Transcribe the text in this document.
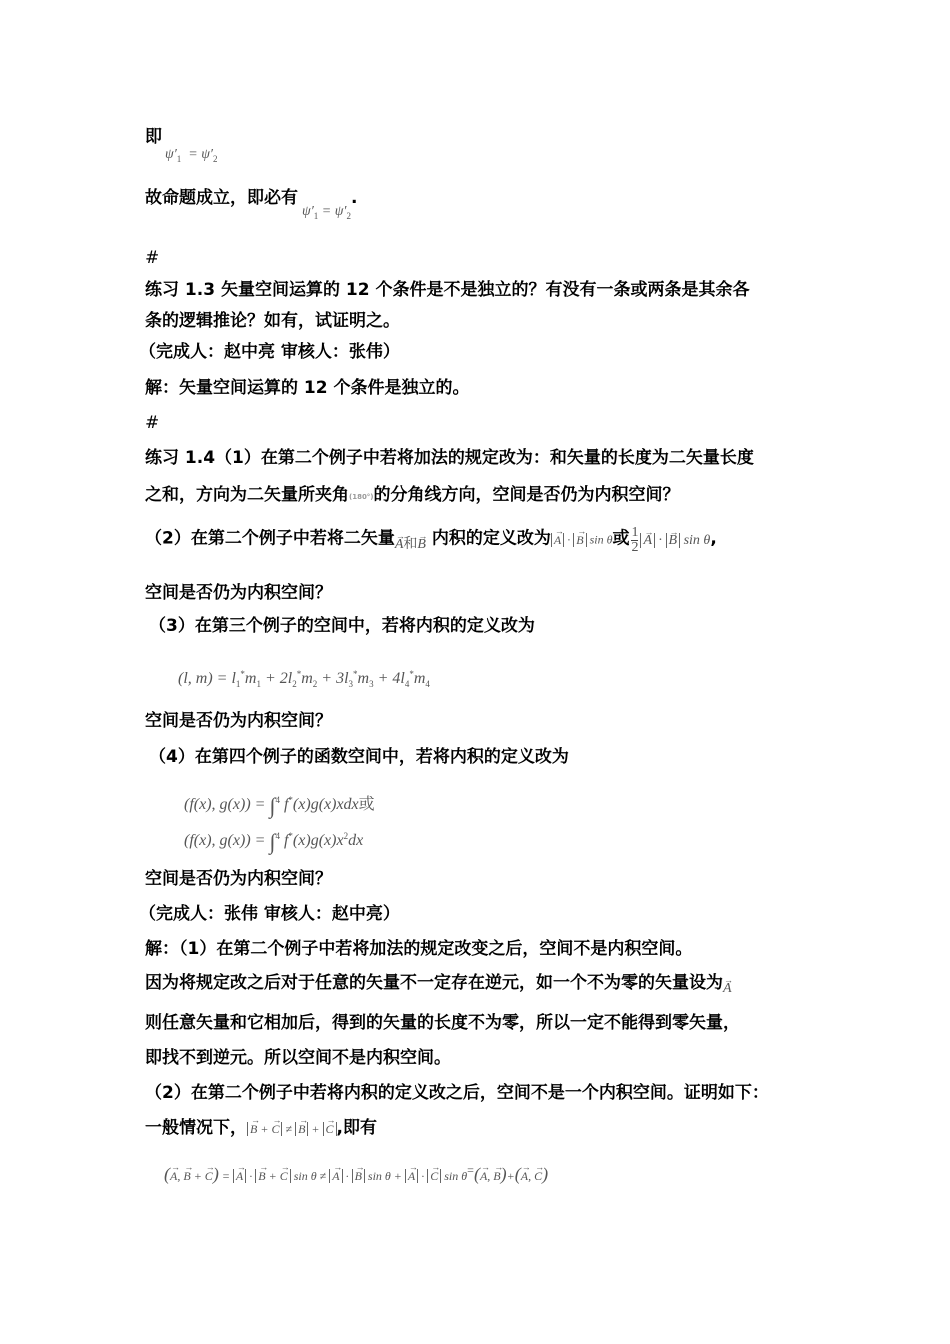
即
$\psi'_1 = \psi'_2$
故命题成立，即必有$_{\psi'_1 = \psi'_2}$.
#
练习 1.3 矢量空间运算的 12 个条件是不是独立的？有没有一条或两条是其余各
条的逻辑推论？如有，试证明之。
（完成人：赵中亮 审核人：张伟）
解：矢量空间运算的 12 个条件是独立的。
#
练习 1.4（1）在第二个例子中若将加法的规定改为：和矢量的长度为二矢量长度
之和，方向为二矢量所夹角(180°)的分角线方向，空间是否仍为内积空间？
（2）在第二个例子中若将二矢量→ $_{A和\to B}$ 内积的定义改为→ A · → B sin θ或 $\frac{1}{2}$
→ A · → B sin θ,
空间是否仍为内积空间？
（3）在第三个例子的空间中，若将内积的定义改为
(l, $m) = l_1^*m_1 + 2l_2^*m_2 + 3l_3^*m_3 + 4l_4^*m_4$
空间是否仍为内积空间？
（4）在第四个例子的函数空间中，若将内积的定义改为
(f(x), g(x)) = ∫$^4$ f*(x)g(x)xdx或
(f(x), g(x)) = ∫$^4$ $f^*(x)g(x)x^2dx$
空间是否仍为内积空间？
（完成人：张伟 审核人：赵中亮）
解：（1）在第二个例子中若将加法的规定改变之后，空间不是内积空间。
因为将规定改之后对于任意的矢量不一定存在逆元，如一个不为零的矢量设为→ $_A$
则任意矢量和它相加后，得到的矢量的长度不为零，所以一定不能得到零矢量，
即找不到逆元。所以空间不是内积空间。
（2）在第二个例子中若将内积的定义改之后，空间不是一个内积空间。证明如下：
一般情况下，→ B + → C ≠ → B + → C ,即有
(→ A, → B + → C) = → A · → B + → C sin θ ≠ → A · → B sin θ + → A · → C sin θ=(→ A, → B)+(→ A, → C)
